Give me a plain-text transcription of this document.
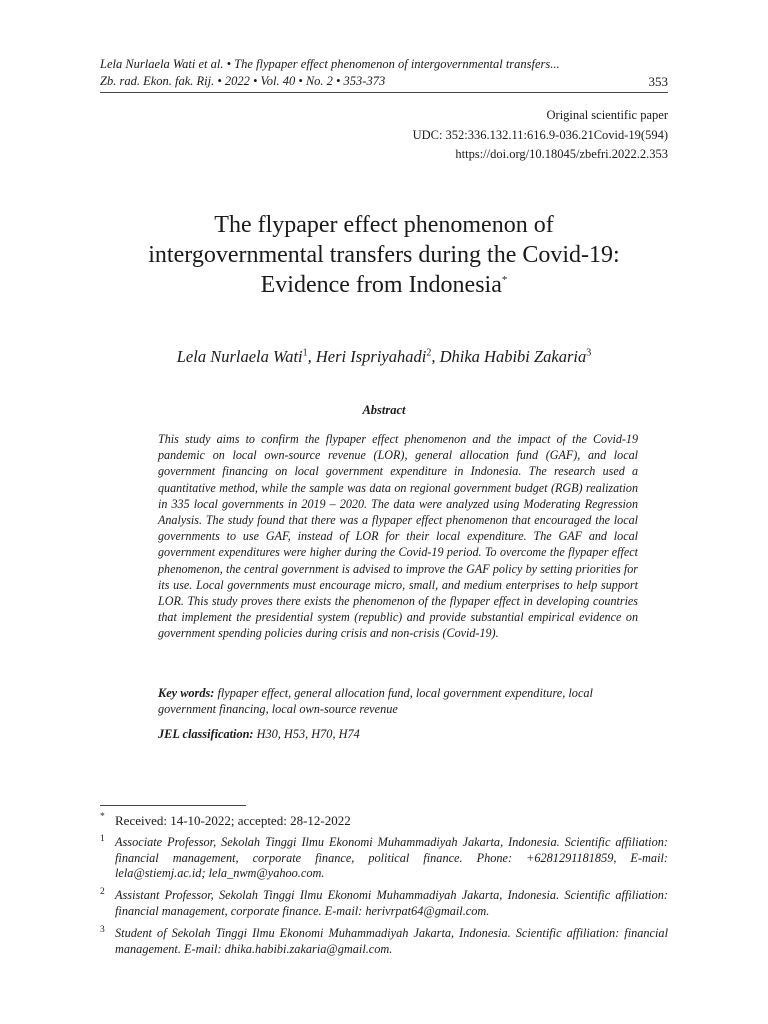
Lela Nurlaela Wati et al. • The flypaper effect phenomenon of intergovernmental transfers...
Zb. rad. Ekon. fak. Rij. • 2022 • Vol. 40 • No. 2 • 353-373	353
Original scientific paper
UDC: 352:336.132.11:616.9-036.21Covid-19(594)
https://doi.org/10.18045/zbefri.2022.2.353
The flypaper effect phenomenon of
intergovernmental transfers during the Covid-19:
Evidence from Indonesia*
Lela Nurlaela Wati$^1$, Heri Ispriyahadi$^2$, Dhika Habibi Zakaria$^3$
Abstract

This study aims to confirm the flypaper effect phenomenon and the impact of the Covid-19 pandemic on local own-source revenue (LOR), general allocation fund (GAF), and local government financing on local government expenditure in Indonesia. The research used a quantitative method, while the sample was data on regional government budget (RGB) realization in 335 local governments in 2019 – 2020. The data were analyzed using Moderating Regression Analysis. The study found that there was a flypaper effect phenomenon that encouraged the local governments to use GAF, instead of LOR for their local expenditure. The GAF and local government expenditures were higher during the Covid-19 period. To overcome the flypaper effect phenomenon, the central government is advised to improve the GAF policy by setting priorities for its use. Local governments must encourage micro, small, and medium enterprises to help support LOR. This study proves there exists the phenomenon of the flypaper effect in developing countries that implement the presidential system (republic) and provide substantial empirical evidence on government spending policies during crisis and non-crisis (Covid-19).

Key words: flypaper effect, general allocation fund, local government expenditure, local government financing, local own-source revenue

JEL classification: H30, H53, H70, H74

* Received: 14-10-2022; accepted: 28-12-2022
1 Associate Professor, Sekolah Tinggi Ilmu Ekonomi Muhammadiyah Jakarta, Indonesia. Scientific affiliation: financial management, corporate finance, political finance. Phone: +6281291181859, E-mail: lela@stiemj.ac.id; lela_nwm@yahoo.com.
2 Assistant Professor, Sekolah Tinggi Ilmu Ekonomi Muhammadiyah Jakarta, Indonesia. Scientific affiliation: financial management, corporate finance. E-mail: herivrpat64@gmail.com.
3 Student of Sekolah Tinggi Ilmu Ekonomi Muhammadiyah Jakarta, Indonesia. Scientific affiliation: financial management. E-mail: dhika.habibi.zakaria@gmail.com.
